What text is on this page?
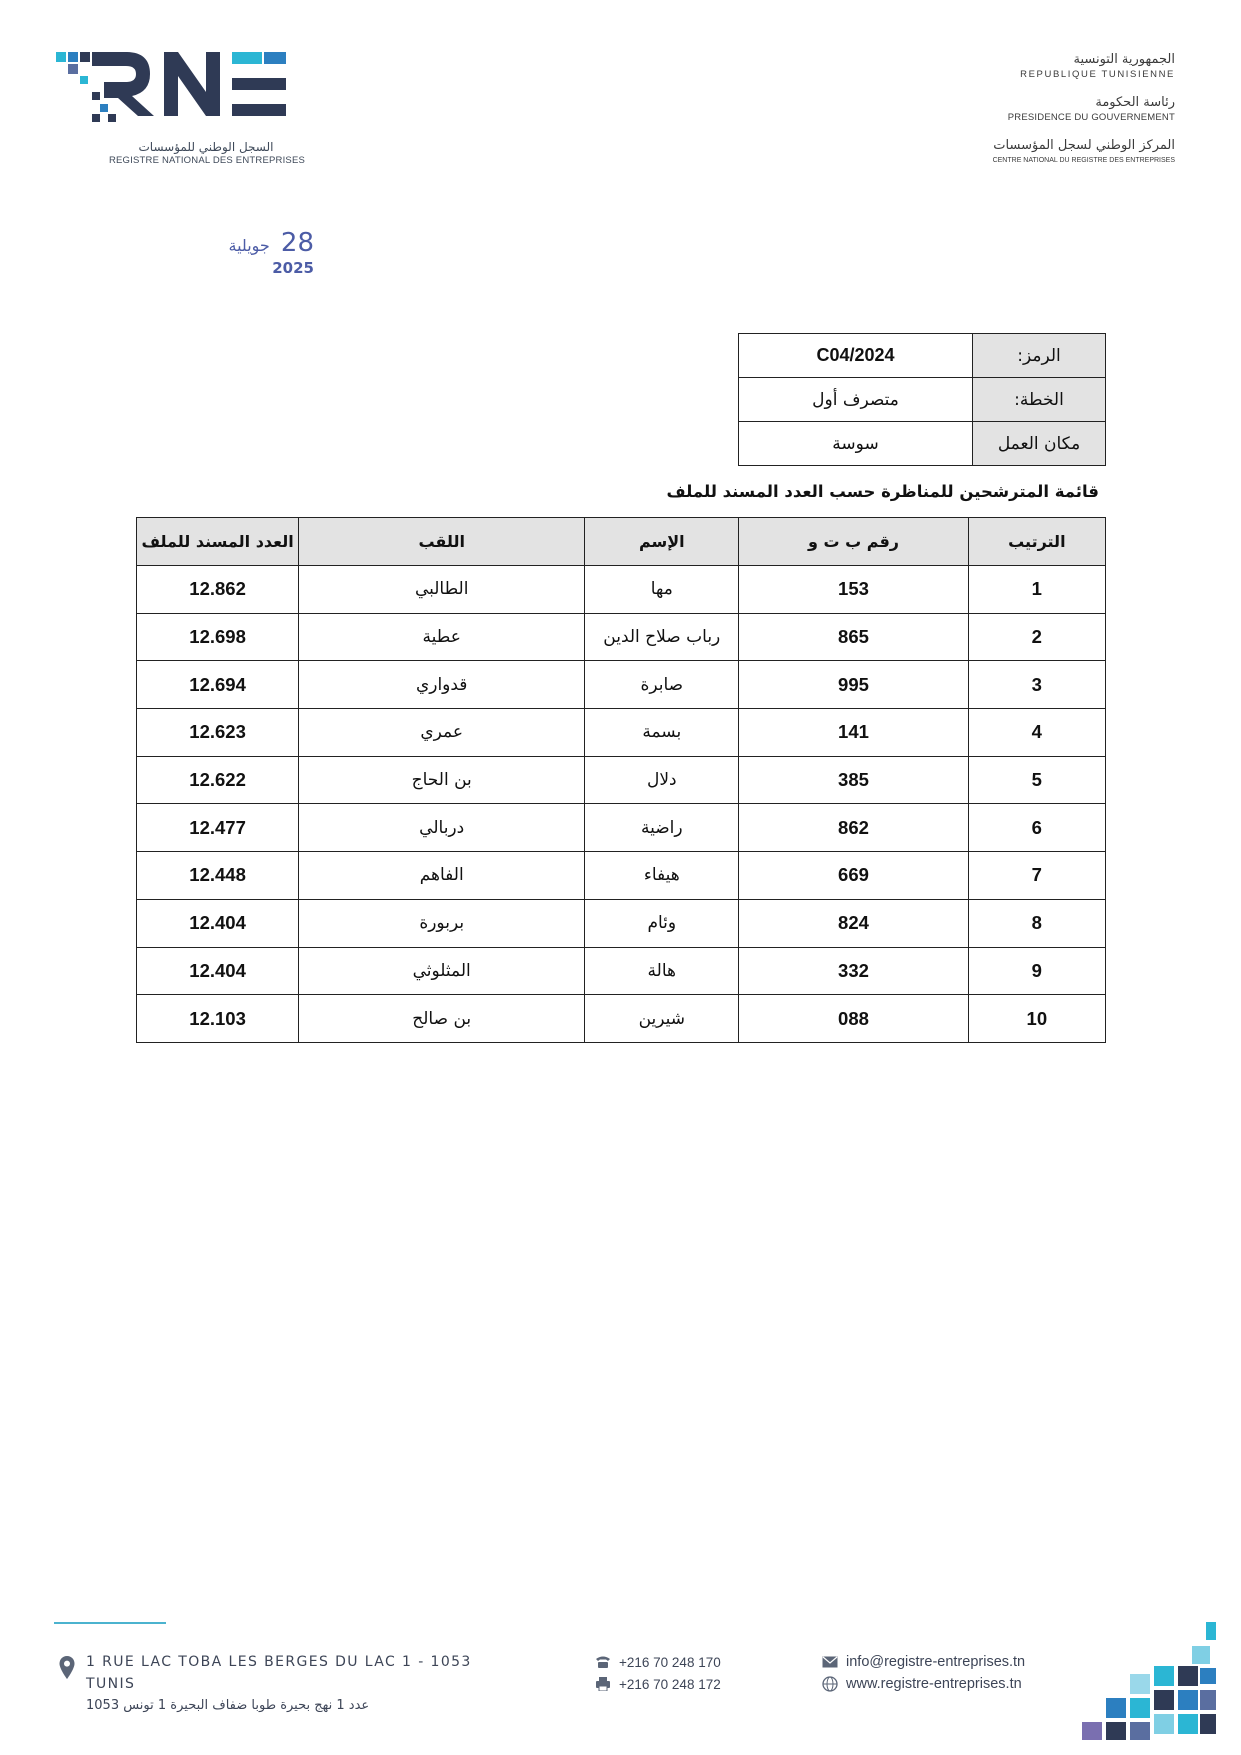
السجل الوطني للمؤسسات
REGISTRE NATIONAL DES ENTREPRISES
الجمهورية التونسية
REPUBLIQUE TUNISIENNE
رئاسة الحكومة
PRESIDENCE DU GOUVERNEMENT
المركز الوطني لسجل المؤسسات
CENTRE NATIONAL DU REGISTRE DES ENTREPRISES
28 جويلية 2025
الرمز:	C04/2024
الخطة:	متصرف أول
مكان العمل	سوسة
قائمة المترشحين للمناظرة حسب العدد المسند للملف
الترتيب	رقم ب ت و	الإسم	اللقب	العدد المسند للملف
1	153	مها	الطالبي	12.862
2	865	رباب صلاح الدين	عطية	12.698
3	995	صابرة	قدواري	12.694
4	141	بسمة	عمري	12.623
5	385	دلال	بن الحاج	12.622
6	862	راضية	دربالي	12.477
7	669	هيفاء	الفاهم	12.448
8	824	وئام	بربورة	12.404
9	332	هالة	المثلوثي	12.404
10	088	شيرين	بن صالح	12.103
1 RUE LAC TOBA LES BERGES DU LAC 1 - 1053 TUNIS
عدد 1 نهج بحيرة طوبا ضفاف البحيرة 1 تونس 1053
+216 70 248 170
+216 70 248 172
info@registre-entreprises.tn
www.registre-entreprises.tn
